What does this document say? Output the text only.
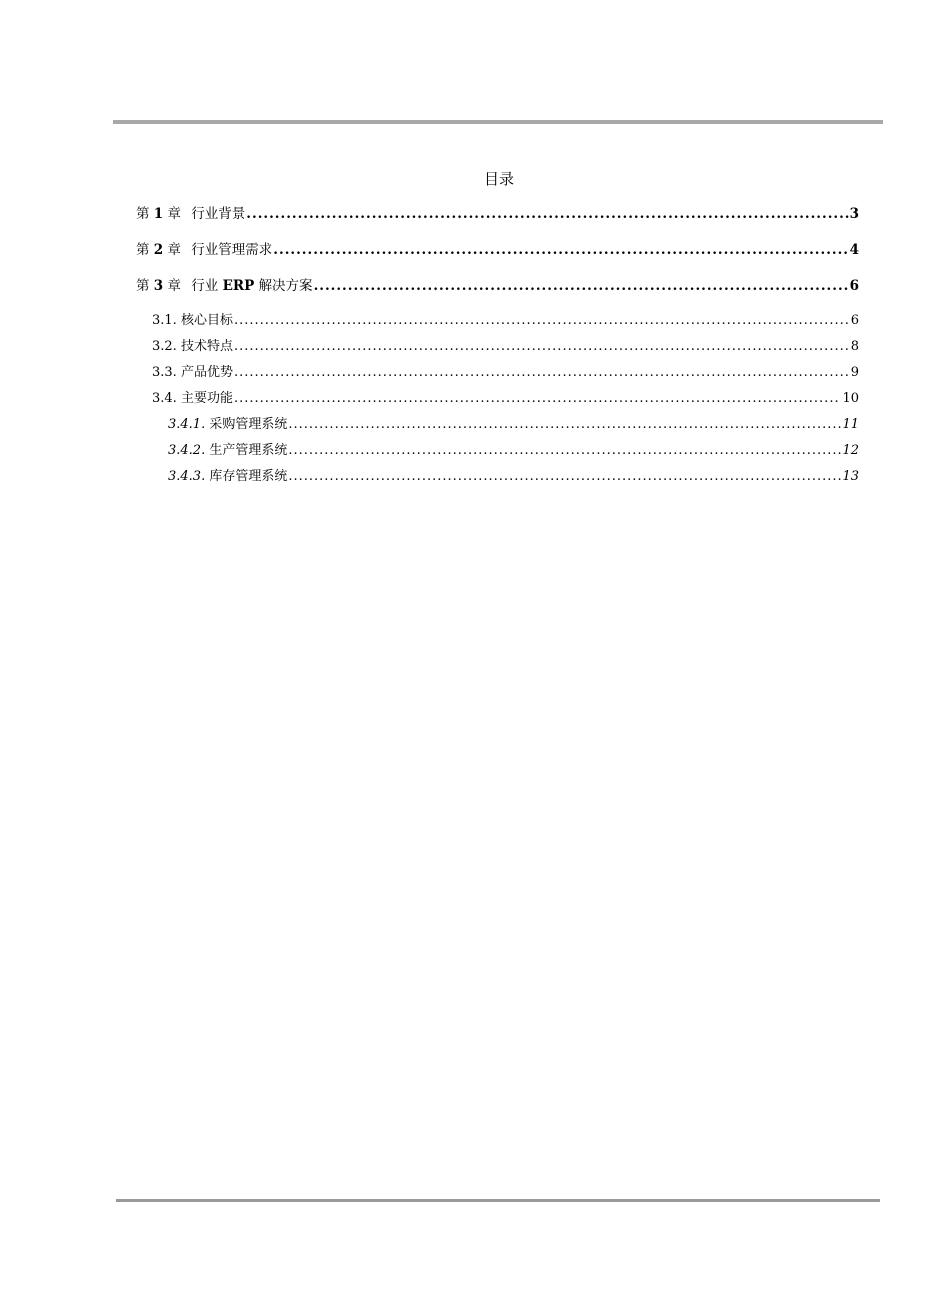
目录
第 1 章 行业背景 .....	3
第 2 章 行业管理需求 .....	4
第 3 章 行业 ERP 解决方案 .....	6
3.1. 核心目标 .....	6
3.2. 技术特点 .....	8
3.3. 产品优势 .....	9
3.4. 主要功能 .....	10
3.4.1. 采购管理系统 .....	11
3.4.2. 生产管理系统 .....	12
3.4.3. 库存管理系统 .....	13
